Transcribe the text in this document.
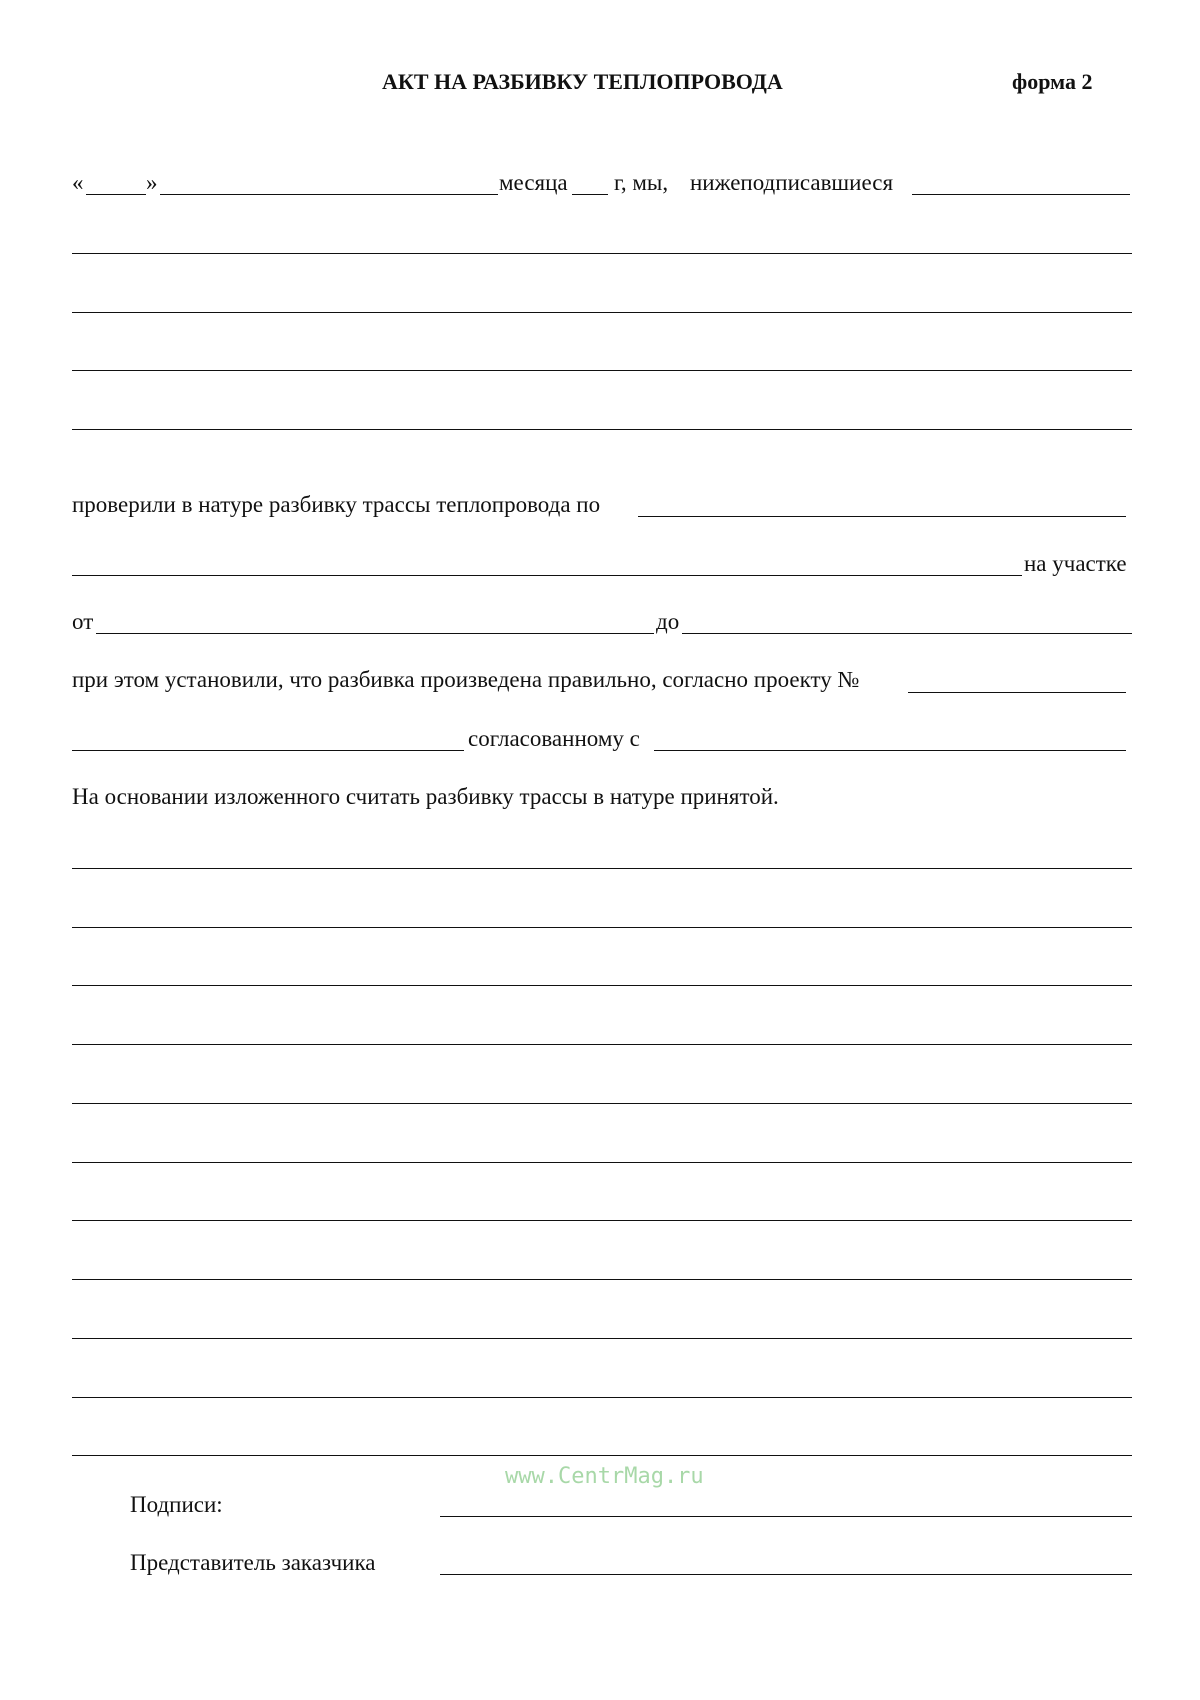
АКТ НА РАЗБИВКУ ТЕПЛОПРОВОДА	форма 2
«	»	месяца г, мы, нижеподписавшиеся
проверили в натуре разбивку трассы теплопровода по
на участке
от	до
при этом установили, что разбивка произведена правильно, согласно проекту №
согласованному с
На основании изложенного считать разбивку трассы в натуре принятой.
www.CentrMag.ru
Подписи:
Представитель заказчика
